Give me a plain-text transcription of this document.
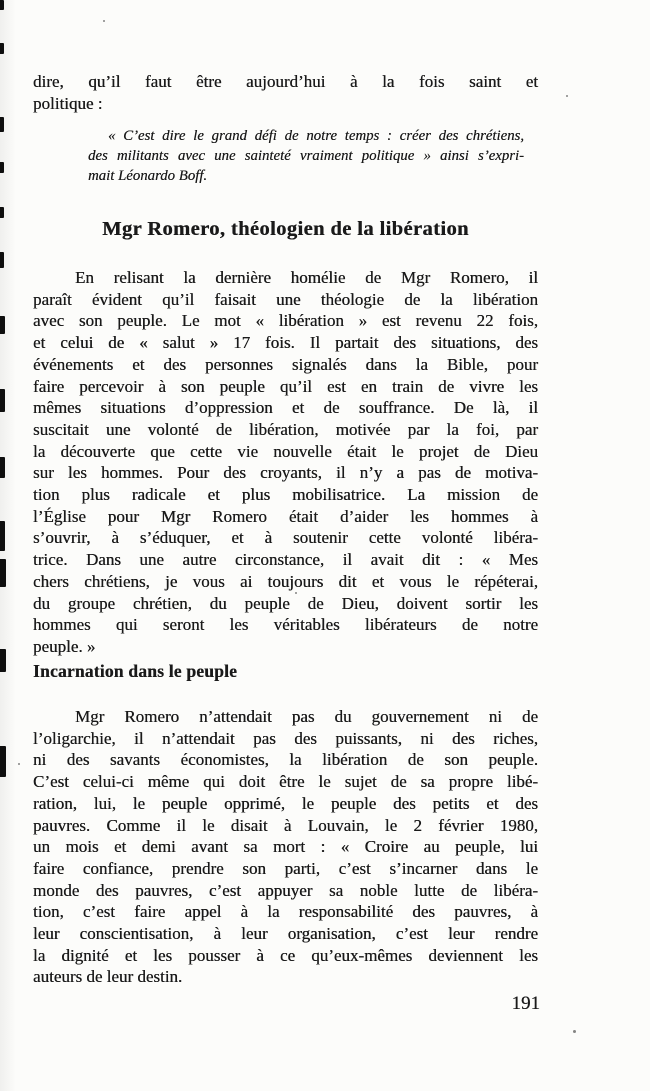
dire, qu’il faut être aujourd’hui à la fois saint et
politique :
« C’est dire le grand défi de notre temps : créer des chrétiens,
des militants avec une sainteté vraiment politique » ainsi s’expri-
mait Léonardo Boff.
Mgr Romero, théologien de la libération
En relisant la dernière homélie de Mgr Romero, il
paraît évident qu’il faisait une théologie de la libération
avec son peuple. Le mot « libération » est revenu 22 fois,
et celui de « salut » 17 fois. Il partait des situations, des
événements et des personnes signalés dans la Bible, pour
faire percevoir à son peuple qu’il est en train de vivre les
mêmes situations d’oppression et de souffrance. De là, il
suscitait une volonté de libération, motivée par la foi, par
la découverte que cette vie nouvelle était le projet de Dieu
sur les hommes. Pour des croyants, il n’y a pas de motiva-
tion plus radicale et plus mobilisatrice. La mission de
l’Église pour Mgr Romero était d’aider les hommes à
s’ouvrir, à s’éduquer, et à soutenir cette volonté libéra-
trice. Dans une autre circonstance, il avait dit : « Mes
chers chrétiens, je vous ai toujours dit et vous le répéterai,
du groupe chrétien, du peuple de Dieu, doivent sortir les
hommes qui seront les véritables libérateurs de notre
peuple. »
Incarnation dans le peuple
Mgr Romero n’attendait pas du gouvernement ni de
l’oligarchie, il n’attendait pas des puissants, ni des riches,
ni des savants économistes, la libération de son peuple.
C’est celui-ci même qui doit être le sujet de sa propre libé-
ration, lui, le peuple opprimé, le peuple des petits et des
pauvres. Comme il le disait à Louvain, le 2 février 1980,
un mois et demi avant sa mort : « Croire au peuple, lui
faire confiance, prendre son parti, c’est s’incarner dans le
monde des pauvres, c’est appuyer sa noble lutte de libéra-
tion, c’est faire appel à la responsabilité des pauvres, à
leur conscientisation, à leur organisation, c’est leur rendre
la dignité et les pousser à ce qu’eux-mêmes deviennent les
auteurs de leur destin.
191
